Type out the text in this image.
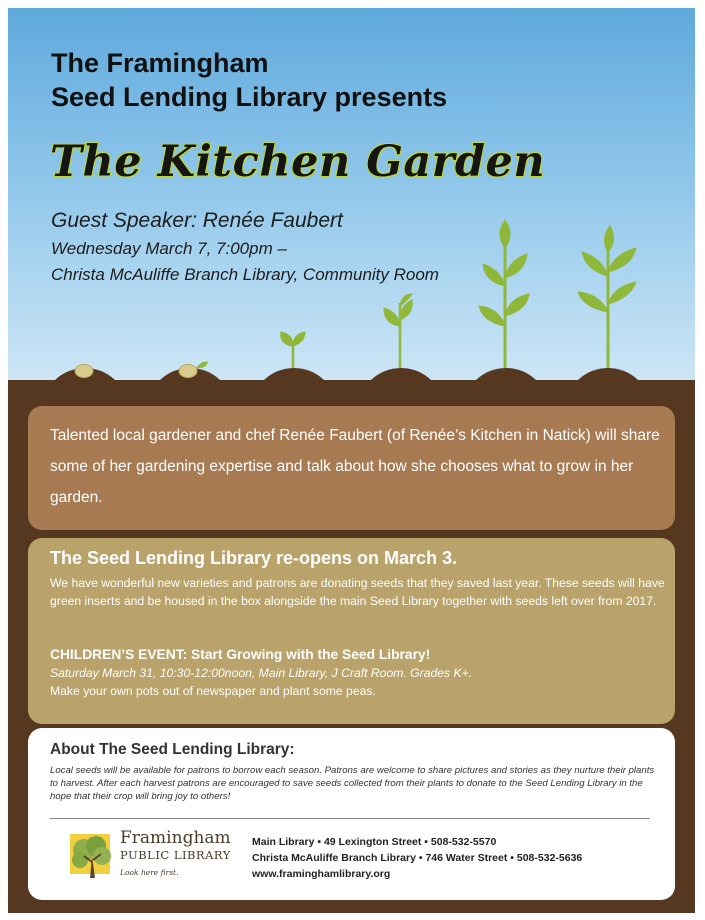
The Framingham
Seed Lending Library presents
The Kitchen Garden
Guest Speaker: Renée Faubert
Wednesday March 7, 7:00pm –
Christa McAuliffe Branch Library, Community Room

Talented local gardener and chef Renée Faubert (of Renée’s Kitchen in Natick) will share some of her gardening expertise and talk about how she chooses what to grow in her garden.

The Seed Lending Library re-opens on March 3.
We have wonderful new varieties and patrons are donating seeds that they saved last year. These seeds will have green inserts and be housed in the box alongside the main Seed Library together with seeds left over from 2017.
CHILDREN’S EVENT: Start Growing with the Seed Library!
Saturday March 31, 10:30-12:00noon, Main Library, J Craft Room. Grades K+.
Make your own pots out of newspaper and plant some peas.
About The Seed Lending Library:
Local seeds will be available for patrons to borrow each season. Patrons are welcome to share pictures and stories as they nurture their plants to harvest. After each harvest patrons are encouraged to save seeds collected from their plants to donate to the Seed Lending Library in the hope that their crop will bring joy to others!
Framingham
PUBLIC LIBRARY
Look here first.
Main Library • 49 Lexington Street • 508-532-5570
Christa McAuliffe Branch Library • 746 Water Street • 508-532-5636
www.framinghamlibrary.org
